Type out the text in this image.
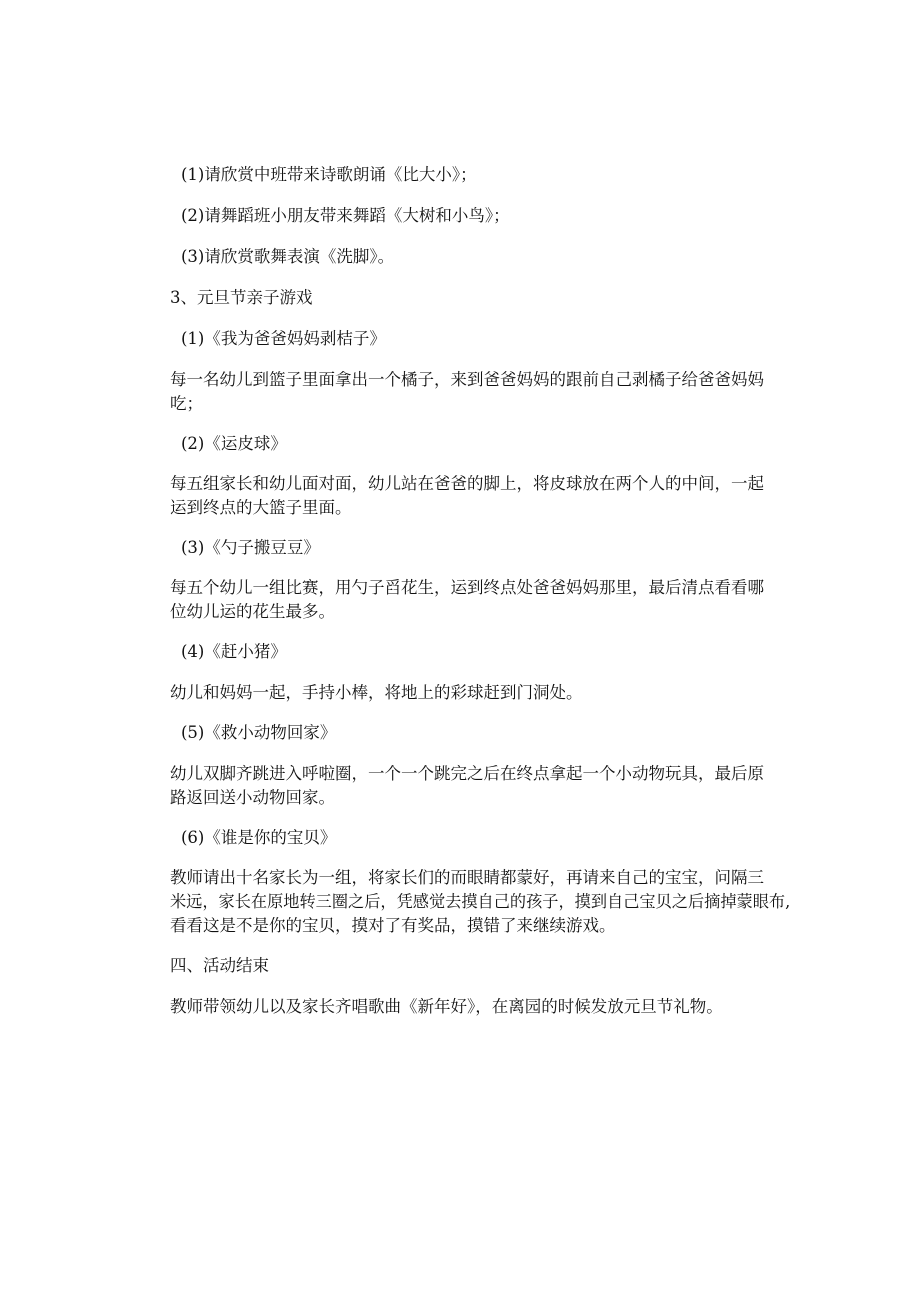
(1)请欣赏中班带来诗歌朗诵《比大小》；
(2)请舞蹈班小朋友带来舞蹈《大树和小鸟》；
(3)请欣赏歌舞表演《洗脚》。
3、元旦节亲子游戏
(1)《我为爸爸妈妈剥桔子》
每一名幼儿到篮子里面拿出一个橘子，来到爸爸妈妈的跟前自己剥橘子给爸爸妈妈
吃；
(2)《运皮球》
每五组家长和幼儿面对面，幼儿站在爸爸的脚上，将皮球放在两个人的中间，一起
运到终点的大篮子里面。
(3)《勺子搬豆豆》
每五个幼儿一组比赛，用勺子舀花生，运到终点处爸爸妈妈那里，最后清点看看哪
位幼儿运的花生最多。
(4)《赶小猪》
幼儿和妈妈一起，手持小棒，将地上的彩球赶到门洞处。
(5)《救小动物回家》
幼儿双脚齐跳进入呼啦圈，一个一个跳完之后在终点拿起一个小动物玩具，最后原
路返回送小动物回家。
(6)《谁是你的宝贝》
教师请出十名家长为一组，将家长们的而眼睛都蒙好，再请来自己的宝宝，问隔三
米远，家长在原地转三圈之后，凭感觉去摸自己的孩子，摸到自己宝贝之后摘掉蒙眼布,
看看这是不是你的宝贝，摸对了有奖品，摸错了来继续游戏。
四、活动结束
教师带领幼儿以及家长齐唱歌曲《新年好》，在离园的时候发放元旦节礼物。
